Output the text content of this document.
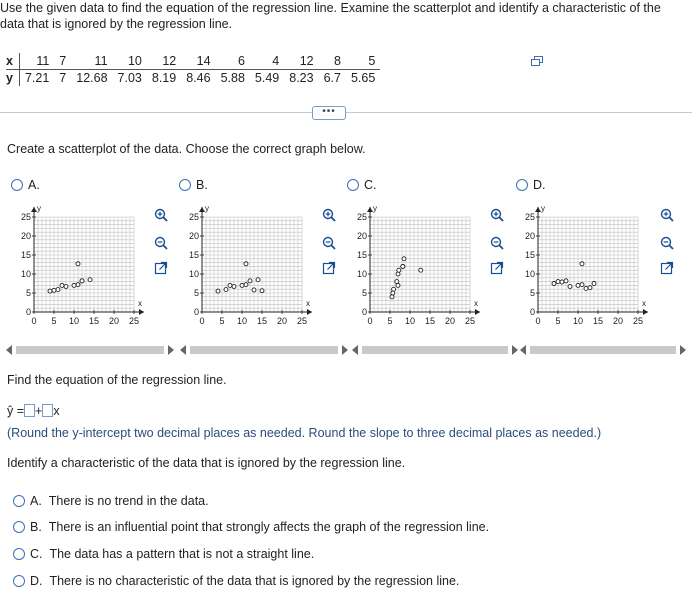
Use the given data to find the equation of the regression line. Examine the scatterplot and identify a characteristic of the data that is ignored by the regression line.
x	11	7	11	10	12	14	6	4	12	8	5
y	7.21	7	12.68	7.03	8.19	8.46	5.88	5.49	8.23	6.7	5.65
•••
Create a scatterplot of the data. Choose the correct graph below.
A.	B.	C.	D.
x
y
0 5 10 15 20 25
0
5
10
15
20
25
x
y
0 5 10 15 20 25
0
5
10
15
20
25
x
y
0 5 10 15 20 25
0
5
10
15
20
25
x
y
0 5 10 15 20 25
0
5
10
15
20
25
Find the equation of the regression line.
ŷ = + x
(Round the y-intercept two decimal places as needed. Round the slope to three decimal places as needed.)
Identify a characteristic of the data that is ignored by the regression line.
A. There is no trend in the data.
B. There is an influential point that strongly affects the graph of the regression line.
C. The data has a pattern that is not a straight line.
D. There is no characteristic of the data that is ignored by the regression line.
